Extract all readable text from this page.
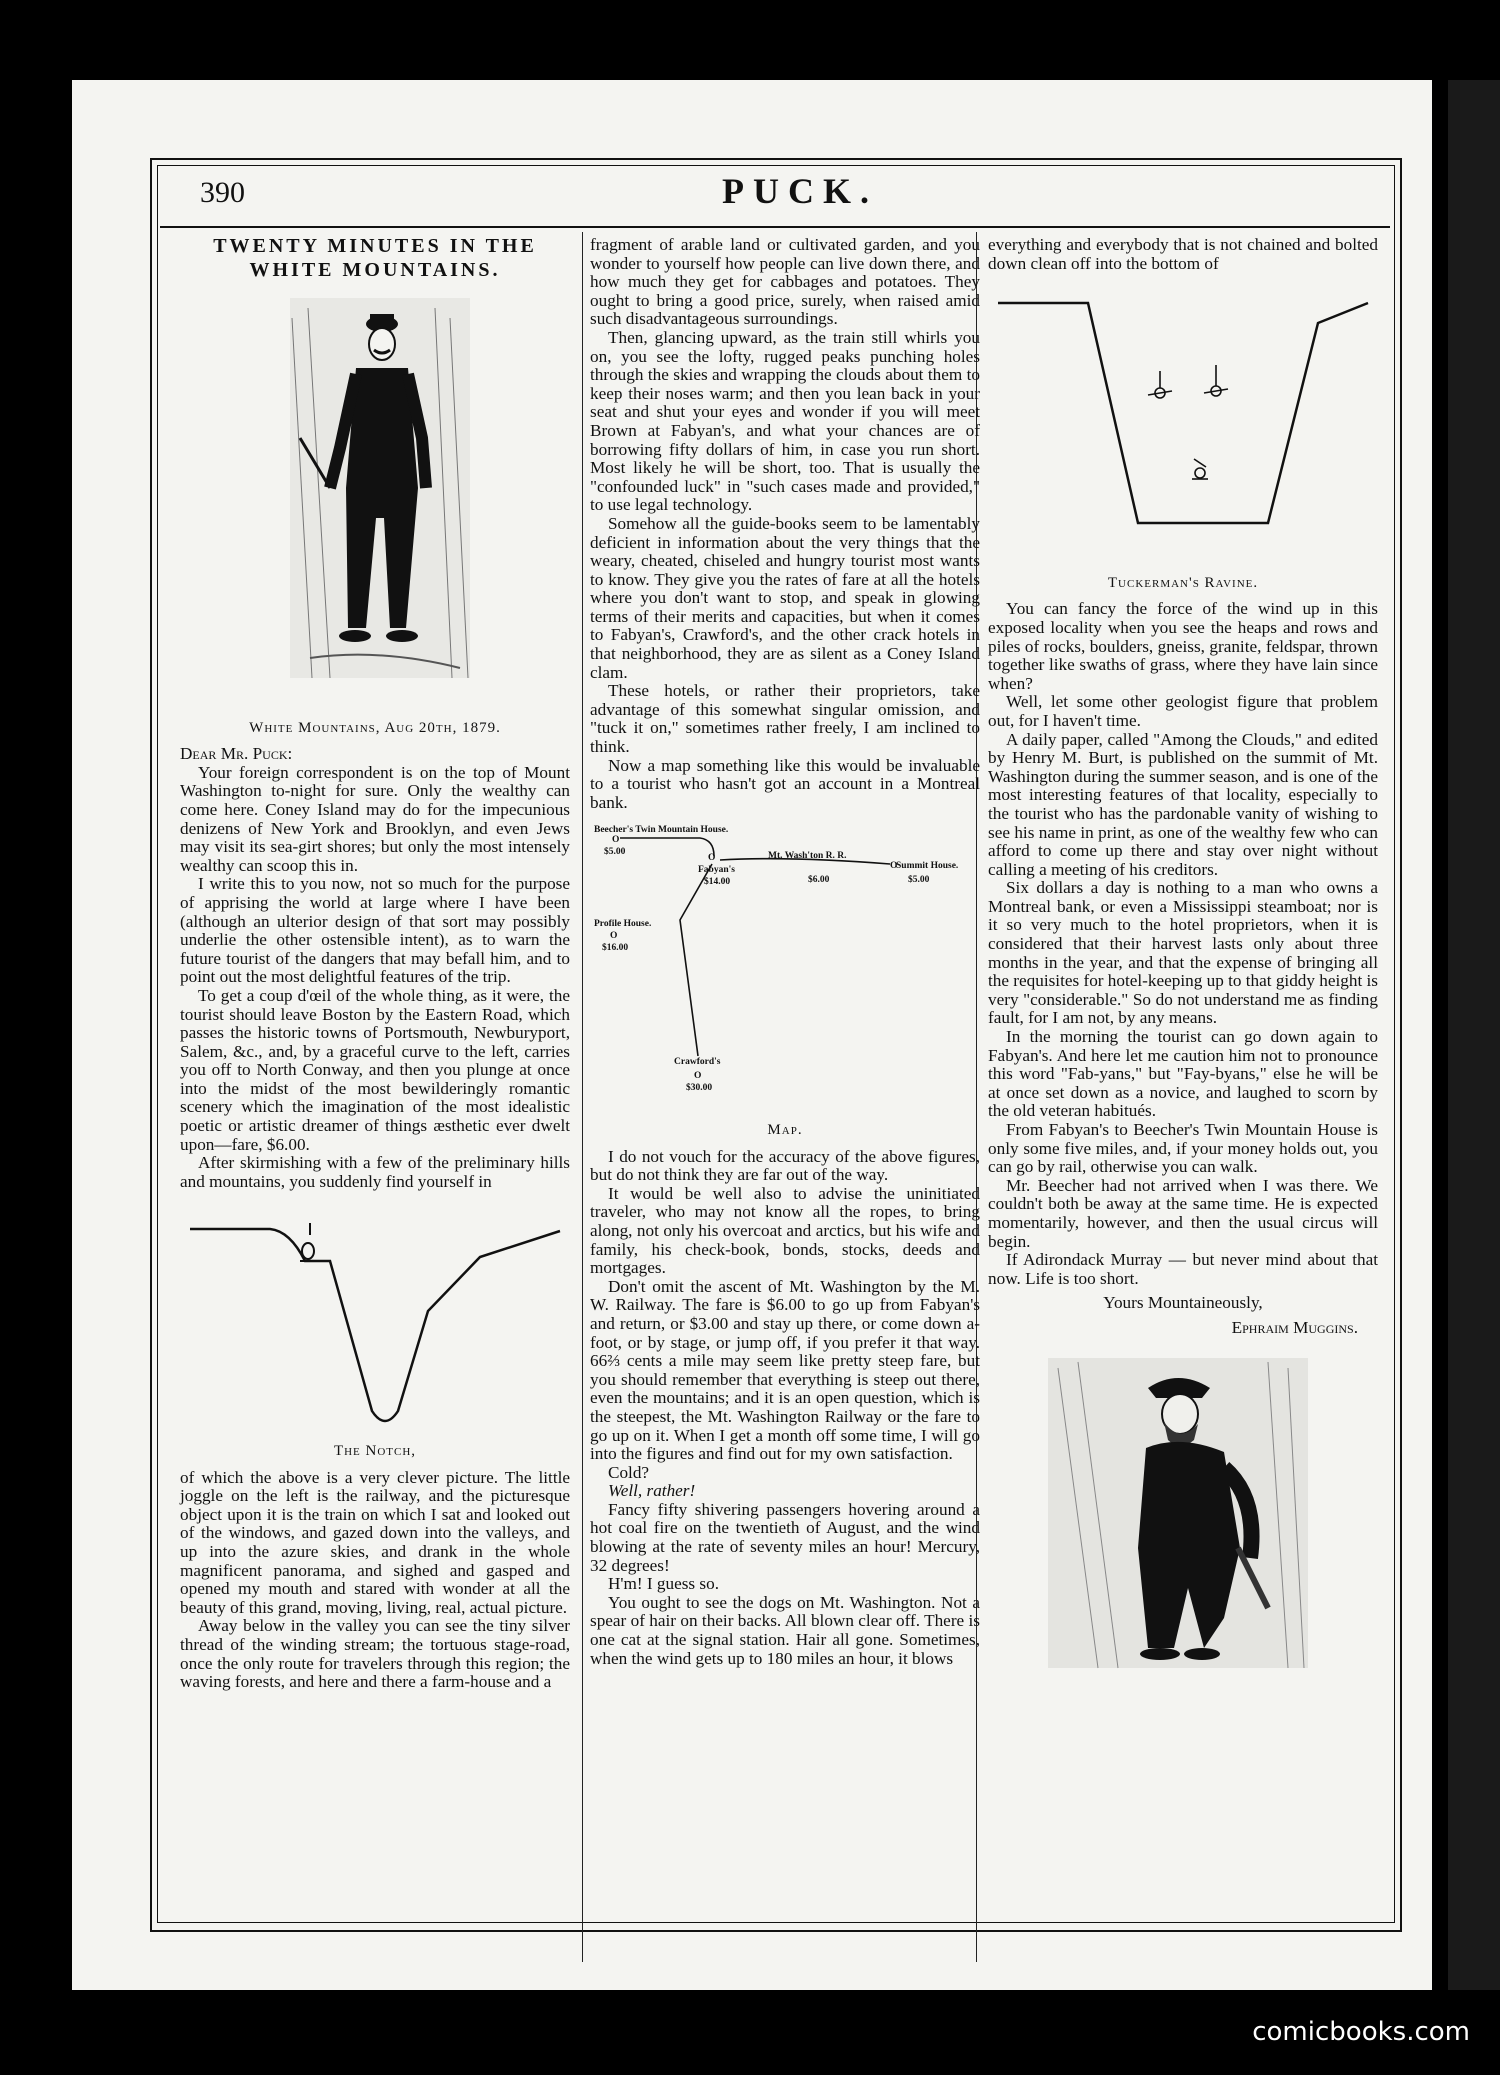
390	PUCK.
TWENTY MINUTES IN THE WHITE MOUNTAINS.
White Mountains, Aug 20th, 1879.

Dear Mr. Puck:

Your foreign correspondent is on the top of Mount Washington to-night for sure. Only the wealthy can come here. Coney Island may do for the impecunious denizens of New York and Brooklyn, and even Jews may visit its sea-girt shores; but only the most intensely wealthy can scoop this in.

I write this to you now, not so much for the purpose of apprising the world at large where I have been (although an ulterior design of that sort may possibly underlie the other ostensible intent), as to warn the future tourist of the dangers that may befall him, and to point out the most delightful features of the trip.

To get a coup d'œil of the whole thing, as it were, the tourist should leave Boston by the Eastern Road, which passes the historic towns of Portsmouth, Newburyport, Salem, &c., and, by a graceful curve to the left, carries you off to North Conway, and then you plunge at once into the midst of the most bewilderingly romantic scenery which the imagination of the most idealistic poetic or artistic dreamer of things æsthetic ever dwelt upon—fare, $6.00.

After skirmishing with a few of the preliminary hills and mountains, you suddenly find yourself in

The Notch,

of which the above is a very clever picture. The little joggle on the left is the railway, and the picturesque object upon it is the train on which I sat and looked out of the windows, and gazed down into the valleys, and up into the azure skies, and drank in the whole magnificent panorama, and sighed and gasped and opened my mouth and stared with wonder at all the beauty of this grand, moving, living, real, actual picture.

Away below in the valley you can see the tiny silver thread of the winding stream; the tortuous stage-road, once the only route for travelers through this region; the waving forests, and here and there a farm-house and a

fragment of arable land or cultivated garden, and you wonder to yourself how people can live down there, and how much they get for cabbages and potatoes. They ought to bring a good price, surely, when raised amid such disadvantageous surroundings.

Then, glancing upward, as the train still whirls you on, you see the lofty, rugged peaks punching holes through the skies and wrapping the clouds about them to keep their noses warm; and then you lean back in your seat and shut your eyes and wonder if you will meet Brown at Fabyan's, and what your chances are of borrowing fifty dollars of him, in case you run short. Most likely he will be short, too. That is usually the "confounded luck" in "such cases made and provided," to use legal technology.

Somehow all the guide-books seem to be lamentably deficient in information about the very things that the weary, cheated, chiseled and hungry tourist most wants to know. They give you the rates of fare at all the hotels where you don't want to stop, and speak in glowing terms of their merits and capacities, but when it comes to Fabyan's, Crawford's, and the other crack hotels in that neighborhood, they are as silent as a Coney Island clam.

These hotels, or rather their proprietors, take advantage of this somewhat singular omission, and "tuck it on," sometimes rather freely, I am inclined to think.

Now a map something like this would be invaluable to a tourist who hasn't got an account in a Montreal bank.

Beecher's Twin Mountain House.
O
$5.00
Fabyan's
$14.00
O	Mt. Wash'ton R. R.
$6.00
O
Summit House.
$5.00
Profile House.
O
$16.00
Crawford's
O
$30.00
Map.

I do not vouch for the accuracy of the above figures, but do not think they are far out of the way.

It would be well also to advise the uninitiated traveler, who may not know all the ropes, to bring along, not only his overcoat and arctics, but his wife and family, his check-book, bonds, stocks, deeds and mortgages.

Don't omit the ascent of Mt. Washington by the M. W. Railway. The fare is $6.00 to go up from Fabyan's and return, or $3.00 and stay up there, or come down a-foot, or by stage, or jump off, if you prefer it that way. 66⅔ cents a mile may seem like pretty steep fare, but you should remember that everything is steep out there, even the mountains; and it is an open question, which is the steepest, the Mt. Washington Railway or the fare to go up on it. When I get a month off some time, I will go into the figures and find out for my own satisfaction.

Cold?

Well, rather!

Fancy fifty shivering passengers hovering around a hot coal fire on the twentieth of August, and the wind blowing at the rate of seventy miles an hour! Mercury, 32 degrees!

H'm! I guess so.

You ought to see the dogs on Mt. Washington. Not a spear of hair on their backs. All blown clear off. There is one cat at the signal station. Hair all gone. Sometimes, when the wind gets up to 180 miles an hour, it blows

everything and everybody that is not chained and bolted down clean off into the bottom of

Tuckerman's Ravine.

You can fancy the force of the wind up in this exposed locality when you see the heaps and rows and piles of rocks, boulders, gneiss, granite, feldspar, thrown together like swaths of grass, where they have lain since when?

Well, let some other geologist figure that problem out, for I haven't time.

A daily paper, called "Among the Clouds," and edited by Henry M. Burt, is published on the summit of Mt. Washington during the summer season, and is one of the most interesting features of that locality, especially to the tourist who has the pardonable vanity of wishing to see his name in print, as one of the wealthy few who can afford to come up there and stay over night without calling a meeting of his creditors.

Six dollars a day is nothing to a man who owns a Montreal bank, or even a Mississippi steamboat; nor is it so very much to the hotel proprietors, when it is considered that their harvest lasts only about three months in the year, and that the expense of bringing all the requisites for hotel-keeping up to that giddy height is very "considerable." So do not understand me as finding fault, for I am not, by any means.

In the morning the tourist can go down again to Fabyan's. And here let me caution him not to pronounce this word "Fab-yans," but "Fay-byans," else he will be at once set down as a novice, and laughed to scorn by the old veteran habitués.

From Fabyan's to Beecher's Twin Mountain House is only some five miles, and, if your money holds out, you can go by rail, otherwise you can walk.

Mr. Beecher had not arrived when I was there. We couldn't both be away at the same time. He is expected momentarily, however, and then the usual circus will begin.

If Adirondack Murray — but never mind about that now. Life is too short.

Yours Mountaineously,
Ephraim Muggins.
comicbooks.com
